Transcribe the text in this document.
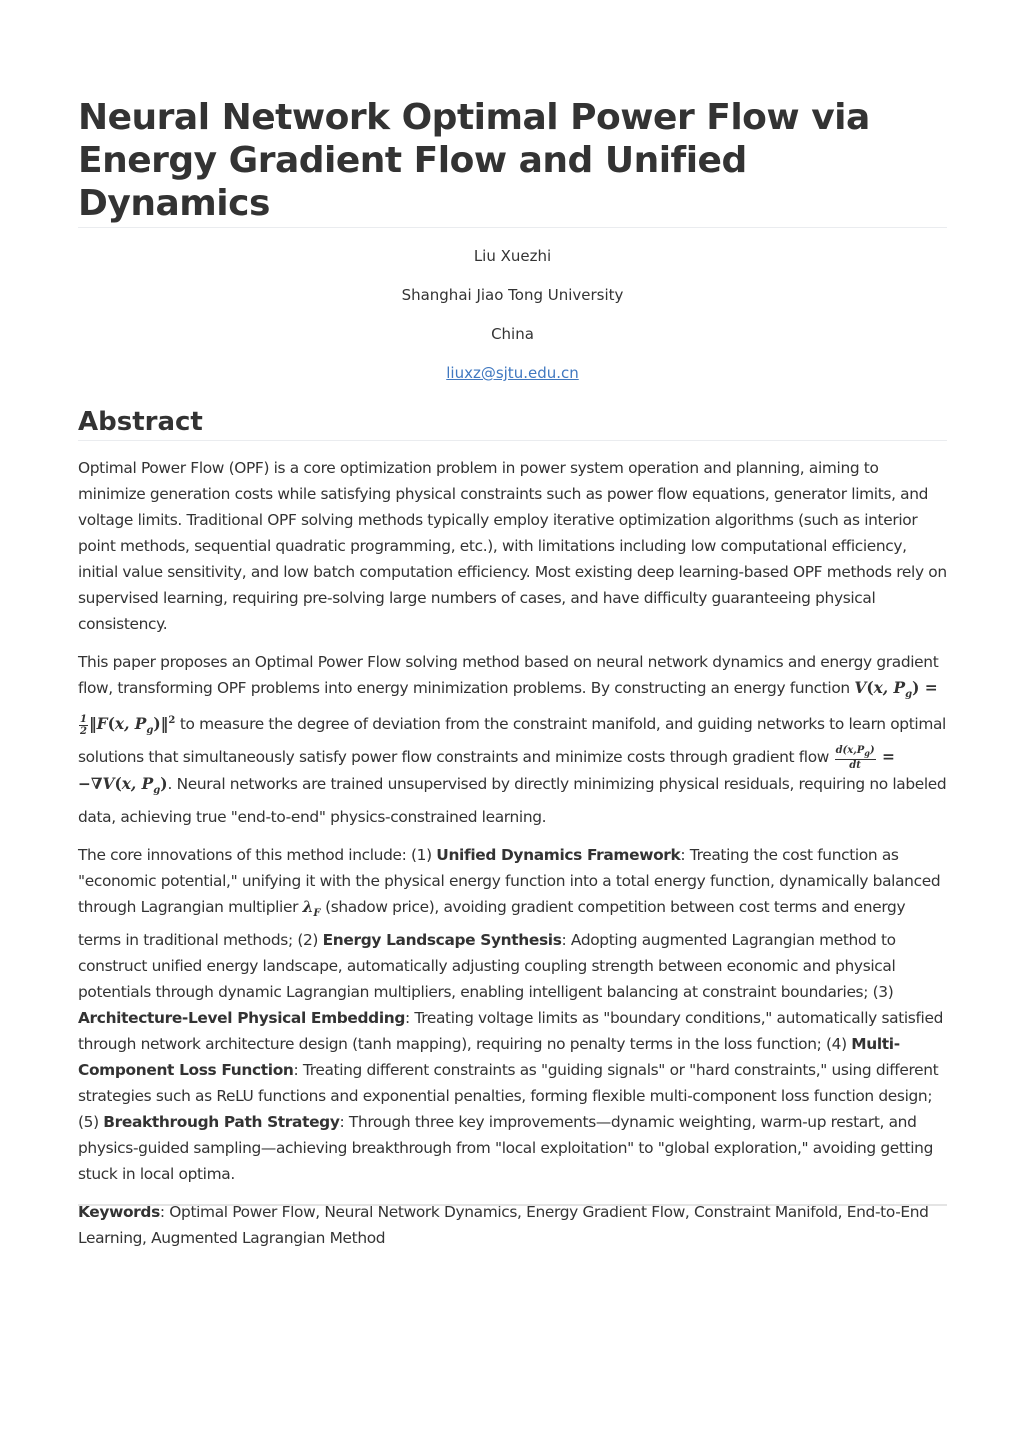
Neural Network Optimal Power Flow via Energy Gradient Flow and Unified Dynamics

Liu Xuezhi

Shanghai Jiao Tong University

China

liuxz@sjtu.edu.cn

Abstract

Optimal Power Flow (OPF) is a core optimization problem in power system operation and planning, aiming to minimize generation costs while satisfying physical constraints such as power flow equations, generator limits, and voltage limits. Traditional OPF solving methods typically employ iterative optimization algorithms (such as interior point methods, sequential quadratic programming, etc.), with limitations including low computational efficiency, initial value sensitivity, and low batch computation efficiency. Most existing deep learning-based OPF methods rely on supervised learning, requiring pre-solving large numbers of cases, and have difficulty guaranteeing physical consistency.

This paper proposes an Optimal Power Flow solving method based on neural network dynamics and energy gradient flow, transforming OPF problems into energy minimization problems. By constructing an energy function V(x, $P_g$) =
$\frac{1}{2}$ ‖F(x, $P_g)‖^2$ to measure the degree of deviation from the constraint manifold, and guiding networks to learn optimal solutions that simultaneously satisfy power flow constraints and minimize costs through gradient flow $\frac{d(x,P_g)}{dt} = -\nabla V(x$, $P_g$). Neural networks are trained unsupervised by directly minimizing physical residuals, requiring no labeled data, achieving true "end-to-end" physics-constrained learning.

The core innovations of this method include: (1) Unified Dynamics Framework: Treating the cost function as "economic potential," unifying it with the physical energy function into a total energy function, dynamically balanced through Lagrangian multiplier $\lambda_F$ (shadow price), avoiding gradient competition between cost terms and energy terms in traditional methods; (2) Energy Landscape Synthesis: Adopting augmented Lagrangian method to construct unified energy landscape, automatically adjusting coupling strength between economic and physical potentials through dynamic Lagrangian multipliers, enabling intelligent balancing at constraint boundaries; (3) Architecture-Level Physical Embedding: Treating voltage limits as "boundary conditions," automatically satisfied through network architecture design (tanh mapping), requiring no penalty terms in the loss function; (4) Multi-Component Loss Function: Treating different constraints as "guiding signals" or "hard constraints," using different strategies such as ReLU functions and exponential penalties, forming flexible multi-component loss function design; (5) Breakthrough Path Strategy: Through three key improvements—dynamic weighting, warm-up restart, and physics-guided sampling—achieving breakthrough from "local exploitation" to "global exploration," avoiding getting stuck in local optima.

Keywords: Optimal Power Flow, Neural Network Dynamics, Energy Gradient Flow, Constraint Manifold, End-to-End Learning, Augmented Lagrangian Method
